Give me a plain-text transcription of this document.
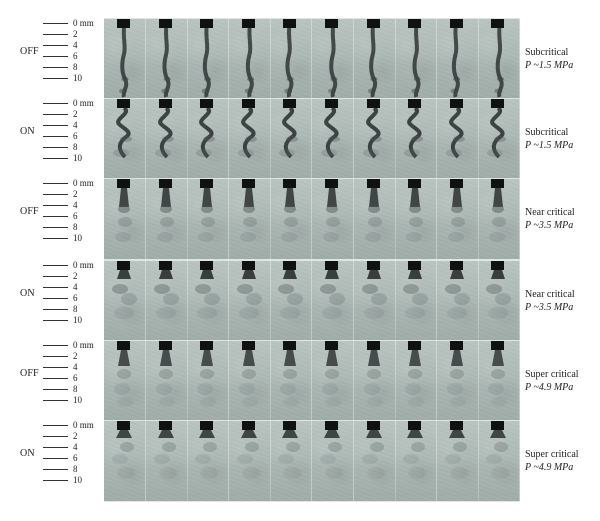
OFF
0 mm
2
4
6
8
10
Subcritical
P ~1.5 MPa
ON
0 mm
2
4
6
8
10
Subcritical
P ~1.5 MPa
OFF
0 mm
2
4
6
8
10
Near critical
P ~3.5 MPa
ON
0 mm
2
4
6
8
10
Near critical
P ~3.5 MPa
OFF
0 mm
2
4
6
8
10
Super critical
P ~4.9 MPa
ON
0 mm
2
4
6
8
10
Super critical
P ~4.9 MPa
